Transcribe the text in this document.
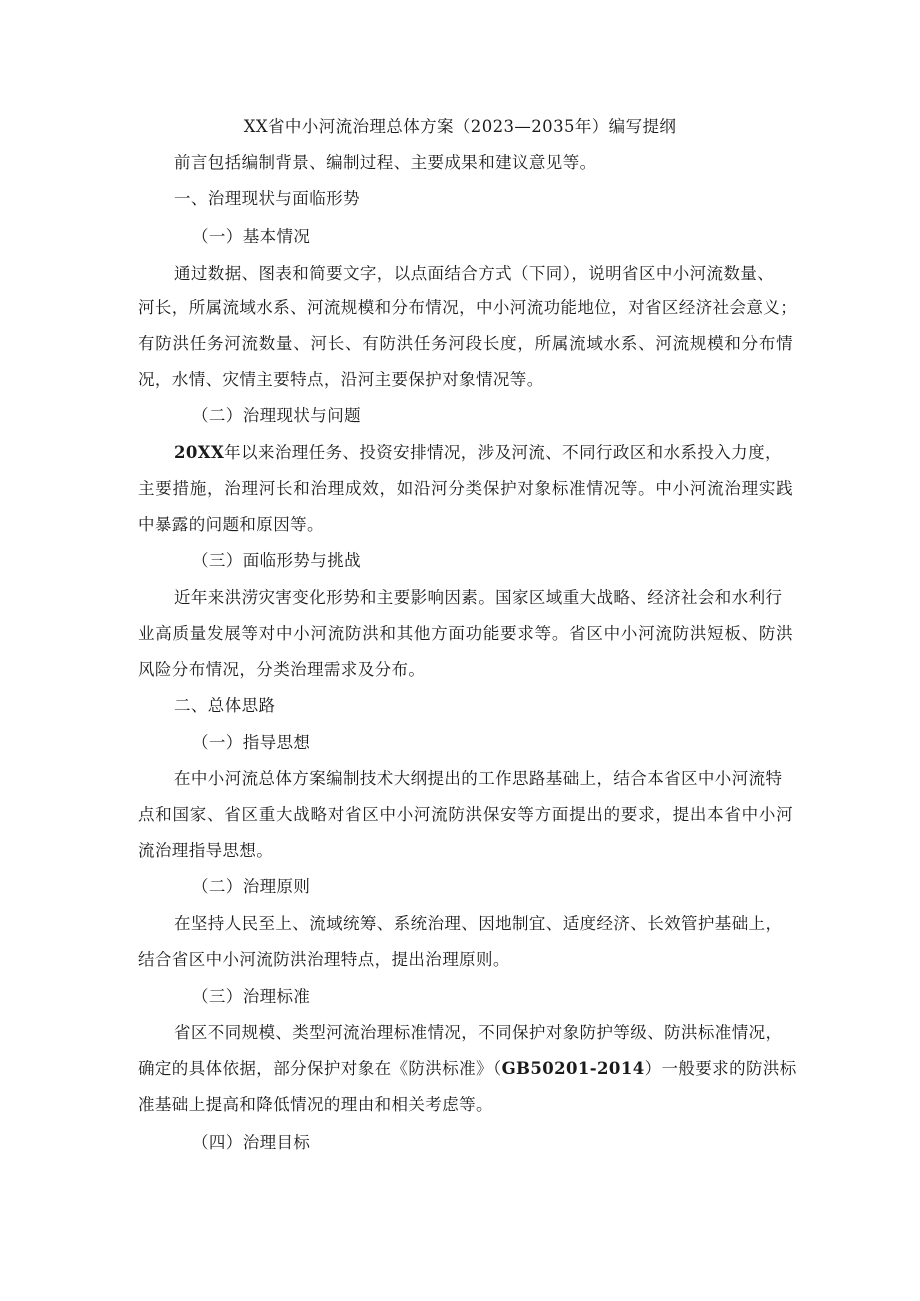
XX省中小河流治理总体方案（2023—2035年）编写提纲
前言包括编制背景、编制过程、主要成果和建议意见等。
一、治理现状与面临形势
（一）基本情况
通过数据、图表和简要文字，以点面结合方式（下同），说明省区中小河流数量、
河长，所属流域水系、河流规模和分布情况，中小河流功能地位，对省区经济社会意义；
有防洪任务河流数量、河长、有防洪任务河段长度，所属流域水系、河流规模和分布情
况，水情、灾情主要特点，沿河主要保护对象情况等。
（二）治理现状与问题
20XX年以来治理任务、投资安排情况，涉及河流、不同行政区和水系投入力度，
主要措施，治理河长和治理成效，如沿河分类保护对象标准情况等。中小河流治理实践
中暴露的问题和原因等。
（三）面临形势与挑战
近年来洪涝灾害变化形势和主要影响因素。国家区域重大战略、经济社会和水利行
业高质量发展等对中小河流防洪和其他方面功能要求等。省区中小河流防洪短板、防洪
风险分布情况，分类治理需求及分布。
二、总体思路
（一）指导思想
在中小河流总体方案编制技术大纲提出的工作思路基础上，结合本省区中小河流特
点和国家、省区重大战略对省区中小河流防洪保安等方面提出的要求，提出本省中小河
流治理指导思想。
（二）治理原则
在坚持人民至上、流域统筹、系统治理、因地制宜、适度经济、长效管护基础上，
结合省区中小河流防洪治理特点，提出治理原则。
（三）治理标准
省区不同规模、类型河流治理标准情况，不同保护对象防护等级、防洪标准情况，
确定的具体依据，部分保护对象在《防洪标准》（GB50201-2014）一般要求的防洪标
准基础上提高和降低情况的理由和相关考虑等。
（四）治理目标
